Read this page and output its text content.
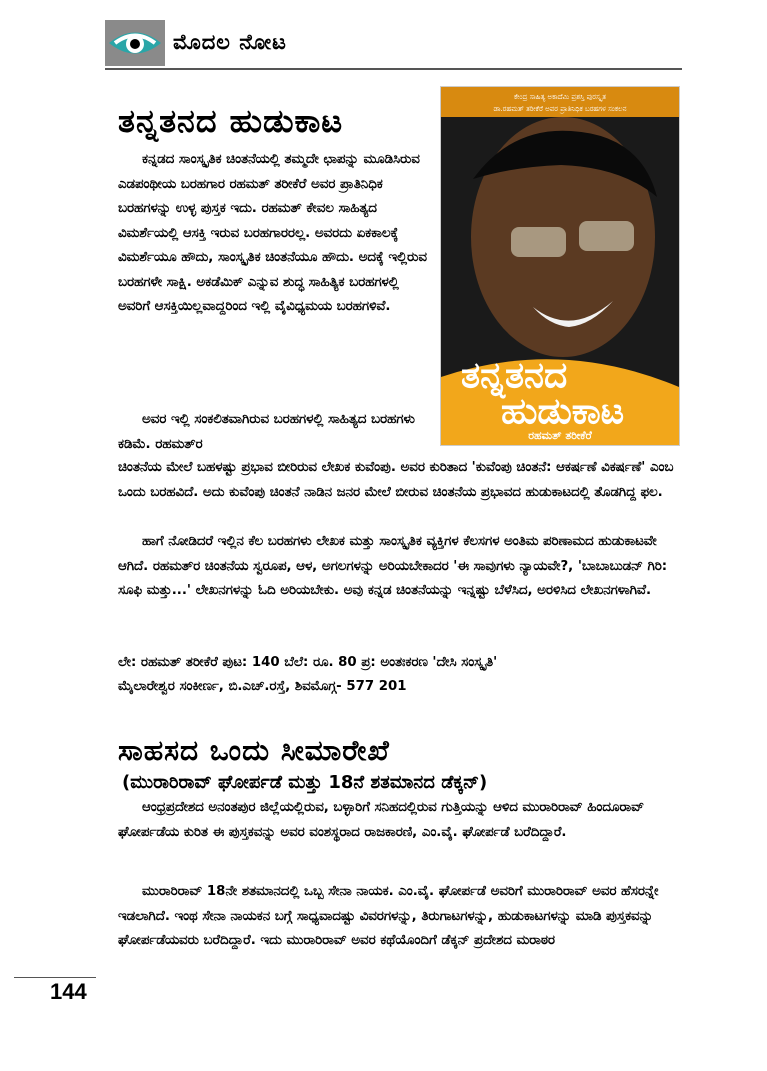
ಮೊದಲ ನೋಟ
ತನ್ನತನದ ಹುಡುಕಾಟ
ಕೇಂದ್ರ ಸಾಹಿತ್ಯ ಅಕಾದೆಮಿ ಪ್ರಶಸ್ತಿ ಪುರಸ್ಕೃತ
ಡಾ.ರಹಮತ್ ತರೀಕೆರೆ ಅವರ ಪ್ರಾತಿನಿಧಿಕ ಬರಹಗಳ ಸಂಕಲನ
ತನ್ನತನದ
ಹುಡುಕಾಟ
ರಹಮತ್ ತರೀಕೆರೆ

ಕನ್ನಡದ ಸಾಂಸ್ಕೃತಿಕ ಚಿಂತನೆಯಲ್ಲಿ ತಮ್ಮದೇ ಛಾಪನ್ನು ಮೂಡಿಸಿರುವ ಎಡಪಂಥೀಯ ಬರಹಗಾರ ರಹಮತ್ ತರೀಕೆರೆ ಅವರ ಪ್ರಾತಿನಿಧಿಕ ಬರಹಗಳನ್ನು ಉಳ್ಳ ಪುಸ್ತಕ ಇದು. ರಹಮತ್ ಕೇವಲ ಸಾಹಿತ್ಯದ ವಿಮರ್ಶೆಯಲ್ಲಿ ಆಸಕ್ತಿ ಇರುವ ಬರಹಗಾರರಲ್ಲ. ಅವರದು ಏಕಕಾಲಕ್ಕೆ ವಿಮರ್ಶೆಯೂ ಹೌದು, ಸಾಂಸ್ಕೃತಿಕ ಚಿಂತನೆಯೂ ಹೌದು. ಅದಕ್ಕೆ ಇಲ್ಲಿರುವ ಬರಹಗಳೇ ಸಾಕ್ಷಿ. ಅಕಡೆಮಿಕ್ ಎನ್ನುವ ಶುದ್ಧ ಸಾಹಿತ್ಯಿಕ ಬರಹಗಳಲ್ಲಿ ಅವರಿಗೆ ಆಸಕ್ತಿಯಿಲ್ಲವಾದ್ದರಿಂದ ಇಲ್ಲಿ ವೈವಿಧ್ಯಮಯ ಬರಹಗಳಿವೆ.

ಅವರ ಇಲ್ಲಿ ಸಂಕಲಿತವಾಗಿರುವ ಬರಹಗಳಲ್ಲಿ ಸಾಹಿತ್ಯದ ಬರಹಗಳು ಕಡಿಮೆ. ರಹಮತ್‌ರ

ಚಿಂತನೆಯ ಮೇಲೆ ಬಹಳಷ್ಟು ಪ್ರಭಾವ ಬೀರಿರುವ ಲೇಖಕ ಕುವೆಂಪು. ಅವರ ಕುರಿತಾದ 'ಕುವೆಂಪು ಚಿಂತನೆ: ಆಕರ್ಷಣೆ ವಿಕರ್ಷಣೆ' ಎಂಬ ಒಂದು ಬರಹವಿದೆ. ಅದು ಕುವೆಂಪು ಚಿಂತನೆ ನಾಡಿನ ಜನರ ಮೇಲೆ ಬೀರುವ ಚಿಂತನೆಯ ಪ್ರಭಾವದ ಹುಡುಕಾಟದಲ್ಲಿ ತೊಡಗಿದ್ದ ಫಲ.

ಹಾಗೆ ನೋಡಿದರೆ ಇಲ್ಲಿನ ಕೆಲ ಬರಹಗಳು ಲೇಖಕ ಮತ್ತು ಸಾಂಸ್ಕೃತಿಕ ವ್ಯಕ್ತಿಗಳ ಕೆಲಸಗಳ ಅಂತಿಮ ಪರಿಣಾಮದ ಹುಡುಕಾಟವೇ ಆಗಿದೆ. ರಹಮತ್‌ರ ಚಿಂತನೆಯ ಸ್ವರೂಪ, ಆಳ, ಅಗಲಗಳನ್ನು ಅರಿಯಬೇಕಾದರ 'ಈ ಸಾವುಗಳು ನ್ಯಾಯವೇ?, 'ಬಾಬಾಬುಡನ್ ಗಿರಿ: ಸೂಫಿ ಮತ್ತು...' ಲೇಖನಗಳನ್ನು ಓದಿ ಅರಿಯಬೇಕು. ಅವು ಕನ್ನಡ ಚಿಂತನೆಯನ್ನು ಇನ್ನಷ್ಟು ಬೆಳೆಸಿದ, ಅರಳಿಸಿದ ಲೇಖನಗಳಾಗಿವೆ.

ಲೇ: ರಹಮತ್ ತರೀಕೆರೆ ಪುಟ: 140 ಬೆಲೆ: ರೂ. 80 ಪ್ರ: ಅಂತಃಕರಣ 'ದೇಸಿ ಸಂಸ್ಕೃತಿ'

ಮೈಲಾರೇಶ್ವರ ಸಂಕೀರ್ಣ, ಬಿ.ಎಚ್.ರಸ್ತೆ, ಶಿವಮೊಗ್ಗ- 577 201

ಸಾಹಸದ ಒಂದು ಸೀಮಾರೇಖೆ
(ಮುರಾರಿರಾವ್ ಘೋರ್ಪಡೆ ಮತ್ತು 18ನೆ ಶತಮಾನದ ಡೆಕ್ಕನ್)

ಆಂಧ್ರಪ್ರದೇಶದ ಅನಂತಪುರ ಜಿಲ್ಲೆಯಲ್ಲಿರುವ, ಬಳ್ಳಾರಿಗೆ ಸನಿಹದಲ್ಲಿರುವ ಗುತ್ತಿಯನ್ನು ಆಳಿದ ಮುರಾರಿರಾವ್ ಹಿಂದೂರಾವ್ ಘೋರ್ಪಡೆಯ ಕುರಿತ ಈ ಪುಸ್ತಕವನ್ನು ಅವರ ವಂಶಸ್ಥರಾದ ರಾಜಕಾರಣಿ, ಎಂ.ವೈ. ಘೋರ್ಪಡೆ ಬರೆದಿದ್ದಾರೆ.

ಮುರಾರಿರಾವ್ 18ನೇ ಶತಮಾನದಲ್ಲಿ ಒಬ್ಬ ಸೇನಾ ನಾಯಕ. ಎಂ.ವೈ. ಘೋರ್ಪಡೆ ಅವರಿಗೆ ಮುರಾರಿರಾವ್ ಅವರ ಹೆಸರನ್ನೇ ಇಡಲಾಗಿದೆ. ಇಂಥ ಸೇನಾ ನಾಯಕನ ಬಗ್ಗೆ ಸಾಧ್ಯವಾದಷ್ಟು ವಿವರಗಳನ್ನು, ತಿರುಗಾಟಗಳನ್ನು, ಹುಡುಕಾಟಗಳನ್ನು ಮಾಡಿ ಪುಸ್ತಕವನ್ನು ಘೋರ್ಪಡೆಯವರು ಬರೆದಿದ್ದಾರೆ. ಇದು ಮುರಾರಿರಾವ್ ಅವರ ಕಥೆಯೊಂದಿಗೆ ಡೆಕ್ಕನ್ ಪ್ರದೇಶದ ಮರಾಠರ

144
